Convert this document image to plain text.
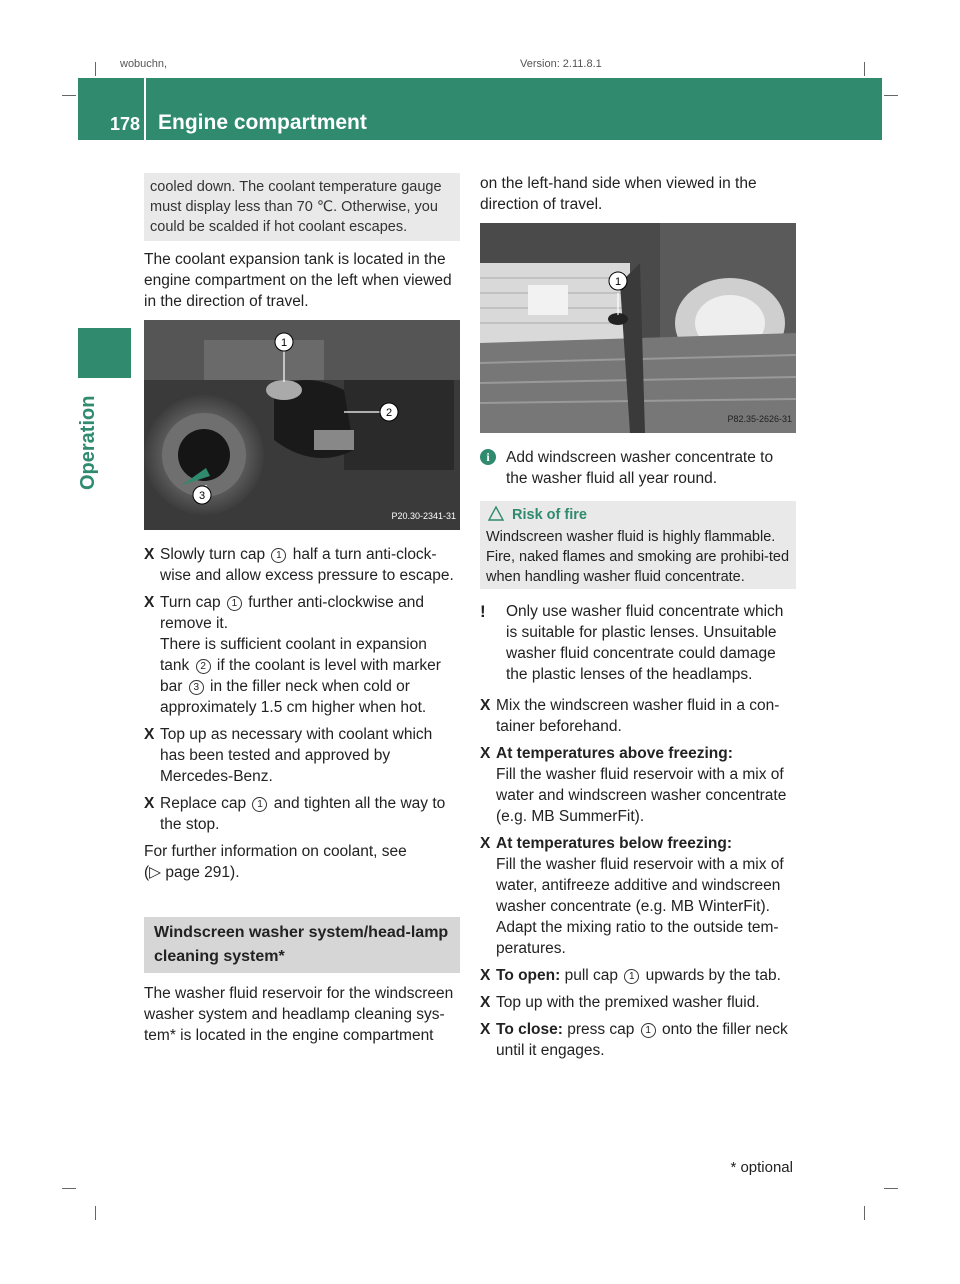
wobuchn,	Version: 2.11.8.1
178 Engine compartment
Operation
cooled down. The coolant temperature gauge must display less than 70 ℃. Otherwise, you could be scalded if hot coolant escapes.

The coolant expansion tank is located in the engine compartment on the left when viewed in the direction of travel.

1
2
3
P20.30-2341-31
X Slowly turn cap 1 half a turn anti-clock-wise and allow excess pressure to escape.
X Turn cap 1 further anti-clockwise and remove it.
There is sufficient coolant in expansion tank 2 if the coolant is level with marker bar 3 in the filler neck when cold or approximately 1.5 cm higher when hot.
X Top up as necessary with coolant which has been tested and approved by Mercedes-Benz.
X Replace cap 1 and tighten all the way to the stop.

For further information on coolant, see

(▷ page 291).

Windscreen washer system/head-lamp cleaning system*

The washer fluid reservoir for the windscreen washer system and headlamp cleaning sys-tem* is located in the engine compartment

on the left-hand side when viewed in the direction of travel.

1
P82.35-2626-31
i	Add windscreen washer concentrate to the washer fluid all year round.
Risk of fire
Windscreen washer fluid is highly flammable. Fire, naked flames and smoking are prohibi-ted when handling washer fluid concentrate.
! Only use washer fluid concentrate which is suitable for plastic lenses. Unsuitable washer fluid concentrate could damage the plastic lenses of the headlamps.
X Mix the windscreen washer fluid in a con-tainer beforehand.
X At temperatures above freezing:
Fill the washer fluid reservoir with a mix of water and windscreen washer concentrate (e.g. MB SummerFit).
X At temperatures below freezing:
Fill the washer fluid reservoir with a mix of water, antifreeze additive and windscreen washer concentrate (e.g. MB WinterFit). Adapt the mixing ratio to the outside tem-peratures.
X To open: pull cap 1 upwards by the tab.
X Top up with the premixed washer fluid.
X To close: press cap 1 onto the filler neck until it engages.
* optional
